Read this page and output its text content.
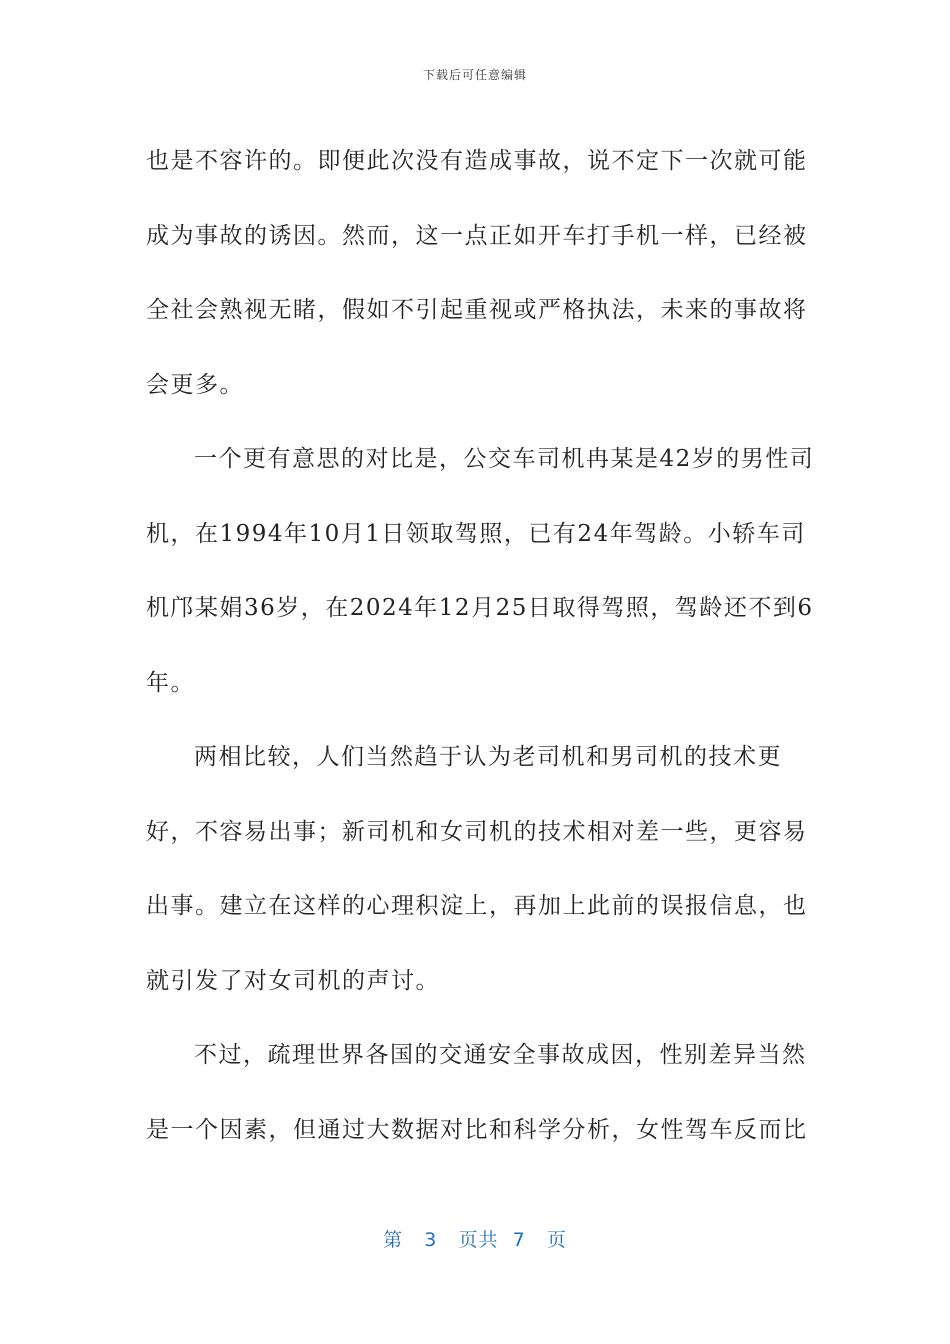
下载后可任意编辑

也是不容许的。即便此次没有造成事故，说不定下一次就可能成为事故的诱因。然而，这一点正如开车打手机一样，已经被全社会熟视无睹，假如不引起重视或严格执法，未来的事故将会更多。

一个更有意思的对比是，公交车司机冉某是42岁的男性司机，在1994年10月1日领取驾照，已有24年驾龄。小轿车司机邝某娟36岁，在2024年12月25日取得驾照，驾龄还不到6年。

两相比较，人们当然趋于认为老司机和男司机的技术更好，不容易出事；新司机和女司机的技术相对差一些，更容易出事。建立在这样的心理积淀上，再加上此前的误报信息，也就引发了对女司机的声讨。

不过，疏理世界各国的交通安全事故成因，性别差异当然是一个因素，但通过大数据对比和科学分析，女性驾车反而比

第 3 页共 7 页
